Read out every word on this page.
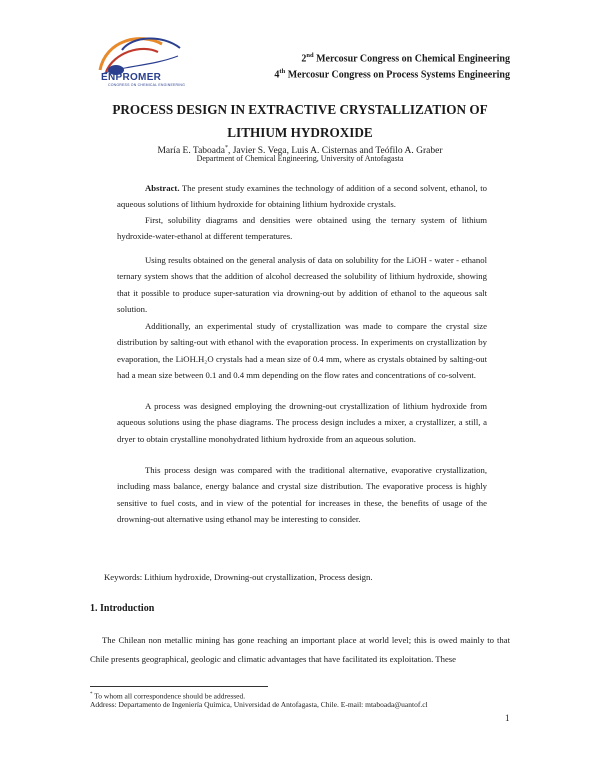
ENPROMER
CONGRESS ON CHEMICAL ENGINEERING
2nd Mercosur Congress on Chemical Engineering
4th Mercosur Congress on Process Systems Engineering
PROCESS DESIGN IN EXTRACTIVE CRYSTALLIZATION OF
LITHIUM HYDROXIDE
María E. Taboada*, Javier S. Vega, Luis A. Cisternas and Teófilo A. Graber
Department of Chemical Engineering, University of Antofagasta

Abstract. The present study examines the technology of addition of a second solvent, ethanol, to aqueous solutions of lithium hydroxide for obtaining lithium hydroxide crystals.

First, solubility diagrams and densities were obtained using the ternary system of lithium hydroxide-water-ethanol at different temperatures.

Using results obtained on the general analysis of data on solubility for the LiOH - water - ethanol ternary system shows that the addition of alcohol decreased the solubility of lithium hydroxide, showing that it possible to produce super-saturation via drowning-out by addition of ethanol to the aqueous salt solution.

Additionally, an experimental study of crystallization was made to compare the crystal size distribution by salting-out with ethanol with the evaporation process. In experiments on crystallization by evaporation, the LiOH.H₂O crystals had a mean size of 0.4 mm, where as crystals obtained by salting-out had a mean size between 0.1 and 0.4 mm depending on the flow rates and concentrations of co-solvent.

A process was designed employing the drowning-out crystallization of lithium hydroxide from aqueous solutions using the phase diagrams. The process design includes a mixer, a crystallizer, a still, a dryer to obtain crystalline monohydrated lithium hydroxide from an aqueous solution.

This process design was compared with the traditional alternative, evaporative crystallization, including mass balance, energy balance and crystal size distribution. The evaporative process is highly sensitive to fuel costs, and in view of the potential for increases in these, the benefits of usage of the drowning-out alternative using ethanol may be interesting to consider.

Keywords: Lithium hydroxide, Drowning-out crystallization, Process design.
1. Introduction

The Chilean non metallic mining has gone reaching an important place at world level; this is owed mainly to that Chile presents geographical, geologic and climatic advantages that have facilitated its exploitation. These

* To whom all correspondence should be addressed.
Address: Departamento de Ingeniería Química, Universidad de Antofagasta, Chile. E-mail: mtaboada@uantof.cl
1
